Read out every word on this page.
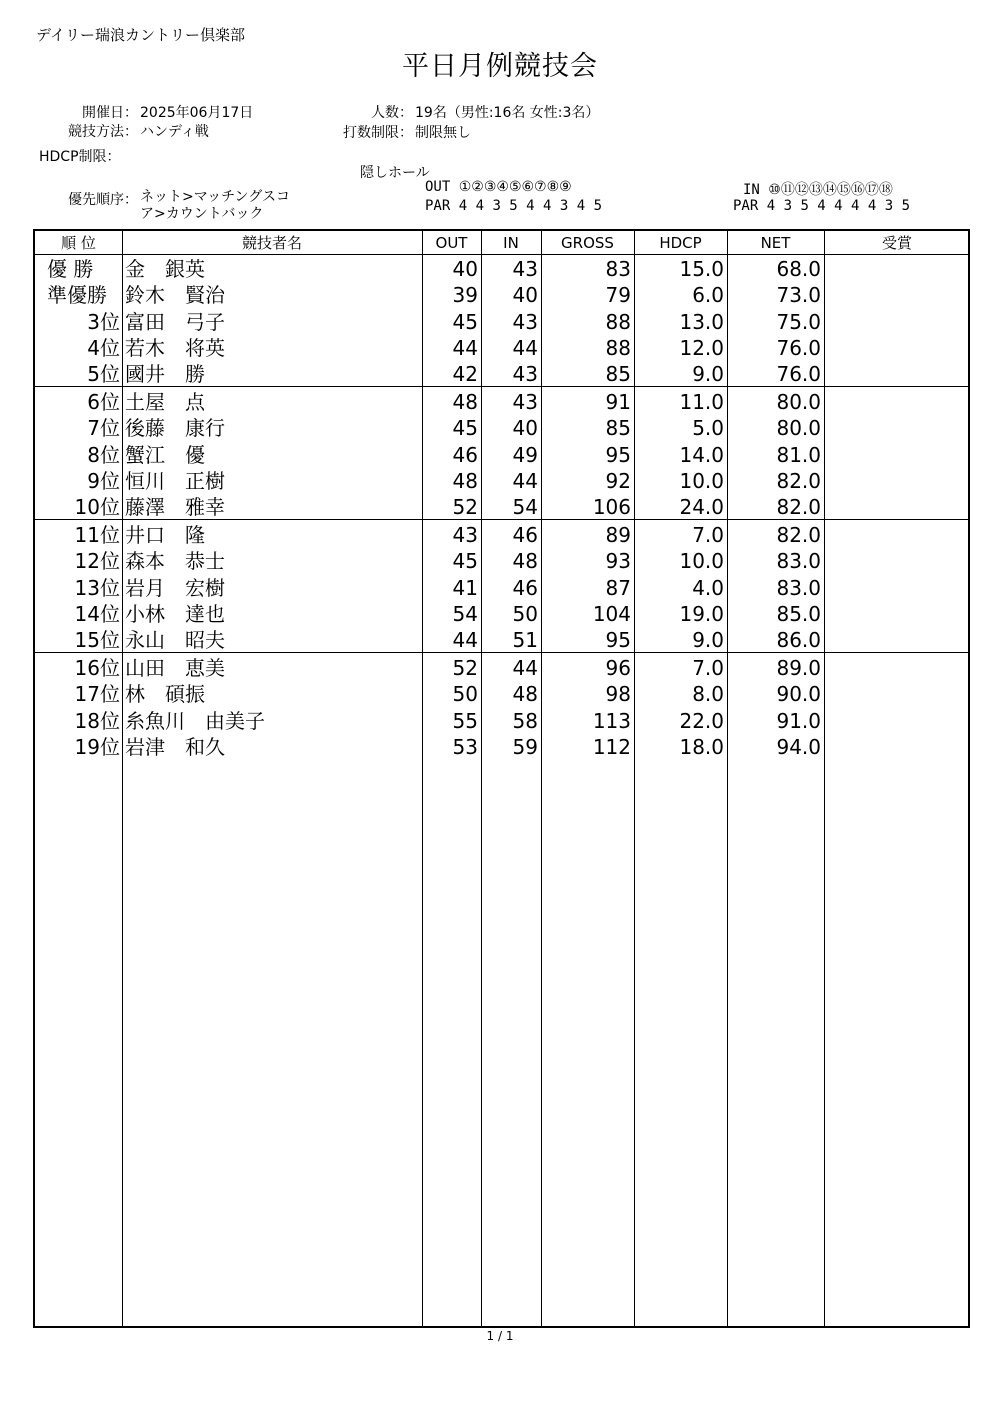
デイリー瑞浪カントリー倶楽部
平日月例競技会
開催日： 2025年06月17日
競技方法： ハンディ戦
HDCP制限：
人数： 19名（男性:16名 女性:3名）
打数制限： 制限無し
隠しホール
優先順序： ネット>マッチングスコ
ア>カウントバック
OUT ①②③④⑤⑥⑦⑧⑨
PAR 4 4 3 5 4 4 3 4 5
IN ⑩⑪⑫⑬⑭⑮⑯⑰⑱
PAR 4 3 5 4 4 4 4 3 5
順 位	競技者名	OUT	IN	GROSS	HDCP	NET	受賞
優 勝	金　銀英	40	43	83	15.0	68.0
準優勝 鈴木　賢治	39	40	79	6.0	73.0
3位 富田　弓子	45	43	88	13.0	75.0
4位 若木　将英	44	44	88	12.0	76.0
5位 國井　勝	42	43	85	9.0	76.0
6位 土屋　点	48	43	91	11.0	80.0
7位 後藤　康行	45	40	85	5.0	80.0
8位 蟹江　優	46	49	95	14.0	81.0
9位 恒川　正樹	48	44	92	10.0	82.0
10位 藤澤　雅幸	52	54	106	24.0	82.0
11位 井口　隆	43	46	89	7.0	82.0
12位 森本　恭士	45	48	93	10.0	83.0
13位 岩月　宏樹	41	46	87	4.0	83.0
14位 小林　達也	54	50	104	19.0	85.0
15位 永山　昭夫	44	51	95	9.0	86.0
16位 山田　恵美	52	44	96	7.0	89.0
17位 林　碩振	50	48	98	8.0	90.0
18位 糸魚川　由美子	55	58	113	22.0	91.0
19位 岩津　和久	53	59	112	18.0	94.0
1 / 1
